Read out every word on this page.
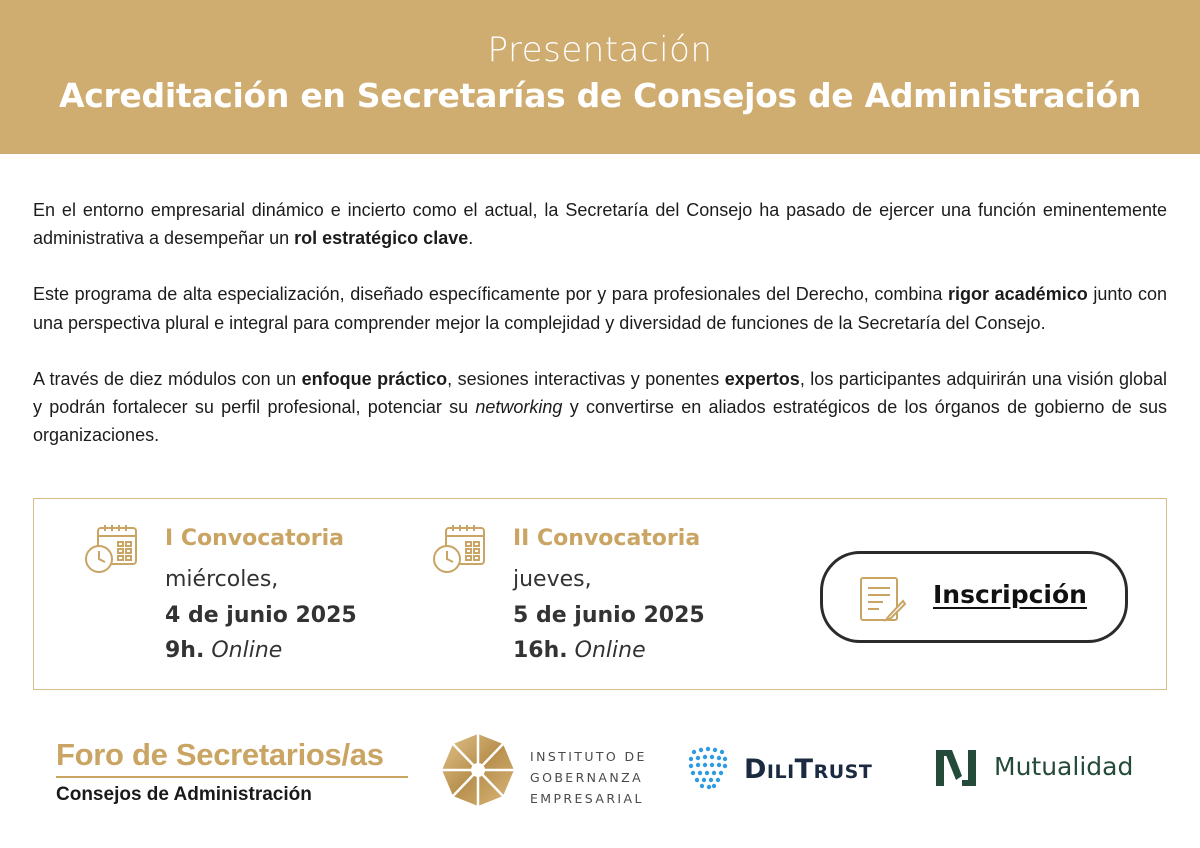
Presentación
Acreditación en Secretarías de Consejos de Administración

En el entorno empresarial dinámico e incierto como el actual, la Secretaría del Consejo ha pasado de ejercer una función eminentemente administrativa a desempeñar un rol estratégico clave.

Este programa de alta especialización, diseñado específicamente por y para profesionales del Derecho, combina rigor académico junto con una perspectiva plural e integral para comprender mejor la complejidad y diversidad de funciones de la Secretaría del Consejo.

A través de diez módulos con un enfoque práctico, sesiones interactivas y ponentes expertos, los participantes adquirirán una visión global y podrán fortalecer su perfil profesional, potenciar su networking y convertirse en aliados estratégicos de los órganos de gobierno de sus organizaciones.

I Convocatoria
miércoles,
4 de junio 2025
9h. Online
II Convocatoria
jueves,
5 de junio 2025
16h. Online
Inscripción
Foro de Secretarios/as
Consejos de Administración
INSTITUTO DE
GOBERNANZA
EMPRESARIAL
DiliTrust	Mutualidad
